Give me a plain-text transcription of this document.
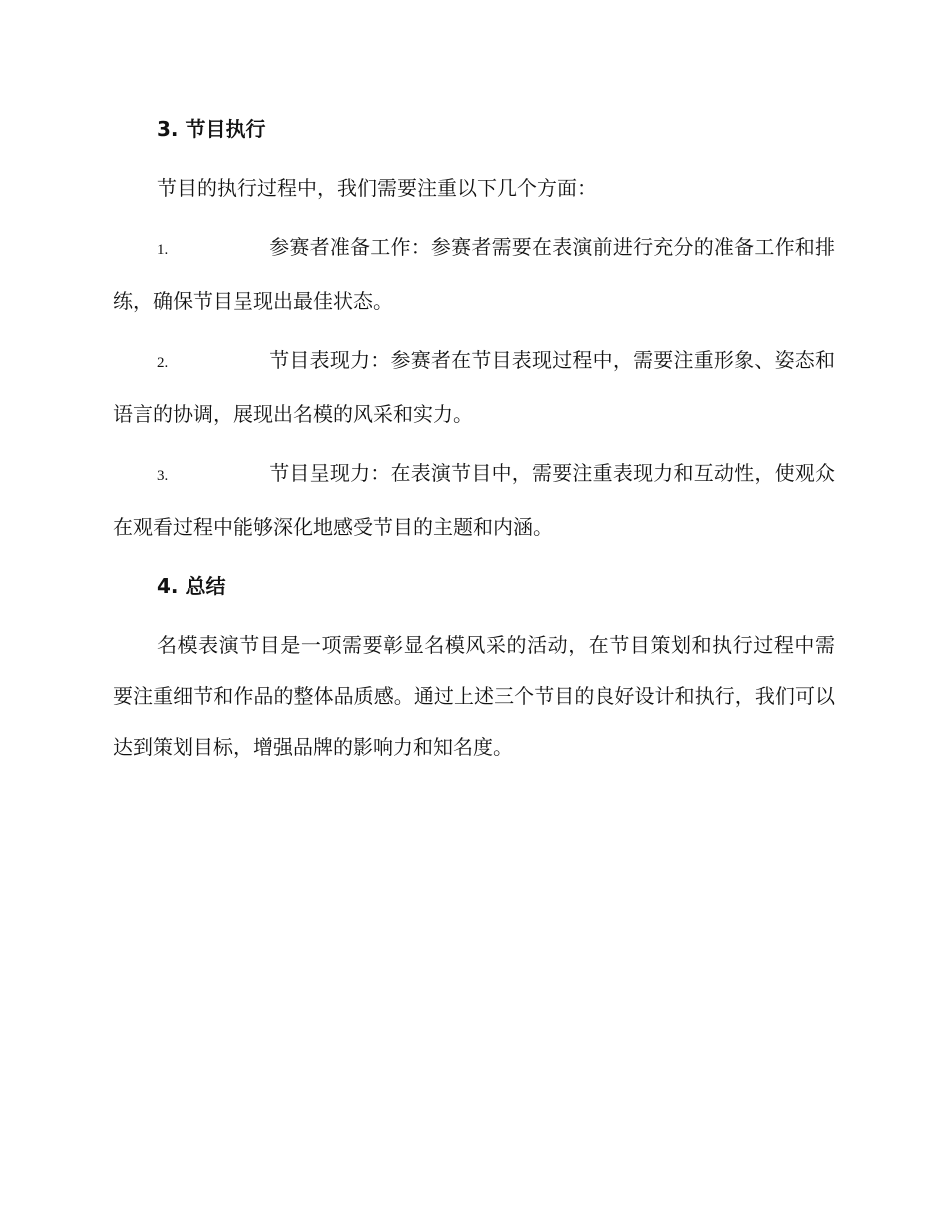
3. 节目执行

节目的执行过程中，我们需要注重以下几个方面：

1.	参赛者准备工作：参赛者需要在表演前进行充分的准备工作和排练，确保节目呈现出最佳状态。

2.	节目表现力：参赛者在节目表现过程中，需要注重形象、姿态和语言的协调，展现出名模的风采和实力。

3.	节目呈现力：在表演节目中，需要注重表现力和互动性，使观众在观看过程中能够深化地感受节目的主题和内涵。

4. 总结

名模表演节目是一项需要彰显名模风采的活动，在节目策划和执行过程中需要注重细节和作品的整体品质感。通过上述三个节目的良好设计和执行，我们可以达到策划目标，增强品牌的影响力和知名度。
